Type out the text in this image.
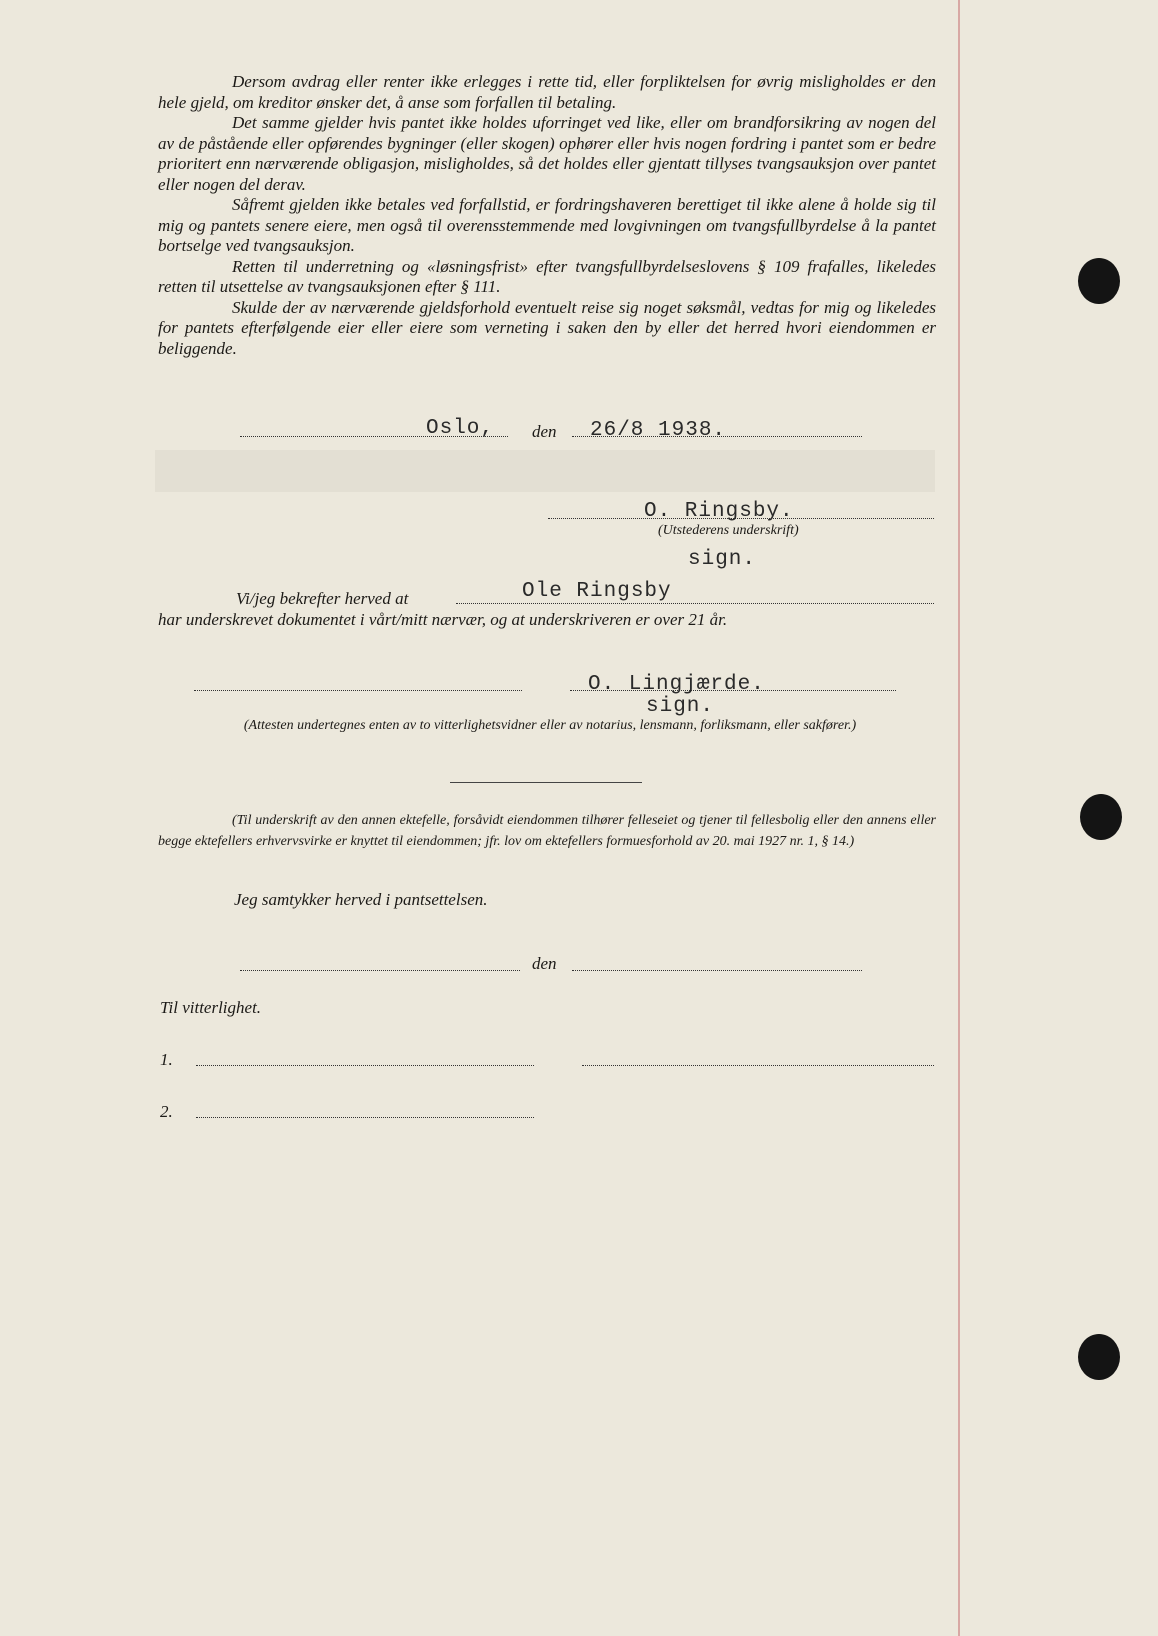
Dersom avdrag eller renter ikke erlegges i rette tid, eller forpliktelsen for øvrig misligholdes er den hele gjeld, om kreditor ønsker det, å anse som forfallen til betaling.
Det samme gjelder hvis pantet ikke holdes uforringet ved like, eller om brandforsikring av nogen del av de påstående eller opførendes bygninger (eller skogen) ophører eller hvis nogen fordring i pantet som er bedre prioritert enn nærværende obligasjon, misligholdes, så det holdes eller gjentatt tillyses tvangsauksjon over pantet eller nogen del derav.
Såfremt gjelden ikke betales ved forfallstid, er fordringshaveren berettiget til ikke alene å holde sig til mig og pantets senere eiere, men også til overensstemmende med lovgivningen om tvangsfullbyrdelse å la pantet bortselge ved tvangsauksjon.
Retten til underretning og «løsningsfrist» efter tvangsfullbyrdelseslovens § 109 frafalles, likeledes retten til utsettelse av tvangsauksjonen efter § 111.
Skulde der av nærværende gjeldsforhold eventuelt reise sig noget søksmål, vedtas for mig og likeledes for pantets efterfølgende eier eller eiere som verneting i saken den by eller det herred hvori eiendommen er beliggende.
Oslo, den 26/8 1938.
O. Ringsby.
(Utstederens underskrift)
sign.
Vi/jeg bekrefter herved at	Ole Ringsby
har underskrevet dokumentet i vårt/mitt nærvær, og at underskriveren er over 21 år.
O. Lingjærde.
sign.
(Attesten undertegnes enten av to vitterlighetsvidner eller av notarius, lensmann, forliksmann, eller sakfører.)
(Til underskrift av den annen ektefelle, forsåvidt eiendommen tilhører felleseiet og tjener til fellesbolig eller den annens eller begge ektefellers erhvervsvirke er knyttet til eiendommen; jfr. lov om ektefellers formuesforhold av 20. mai 1927 nr. 1, § 14.)
Jeg samtykker herved i pantsettelsen.
den
Til vitterlighet.
1.
2.
